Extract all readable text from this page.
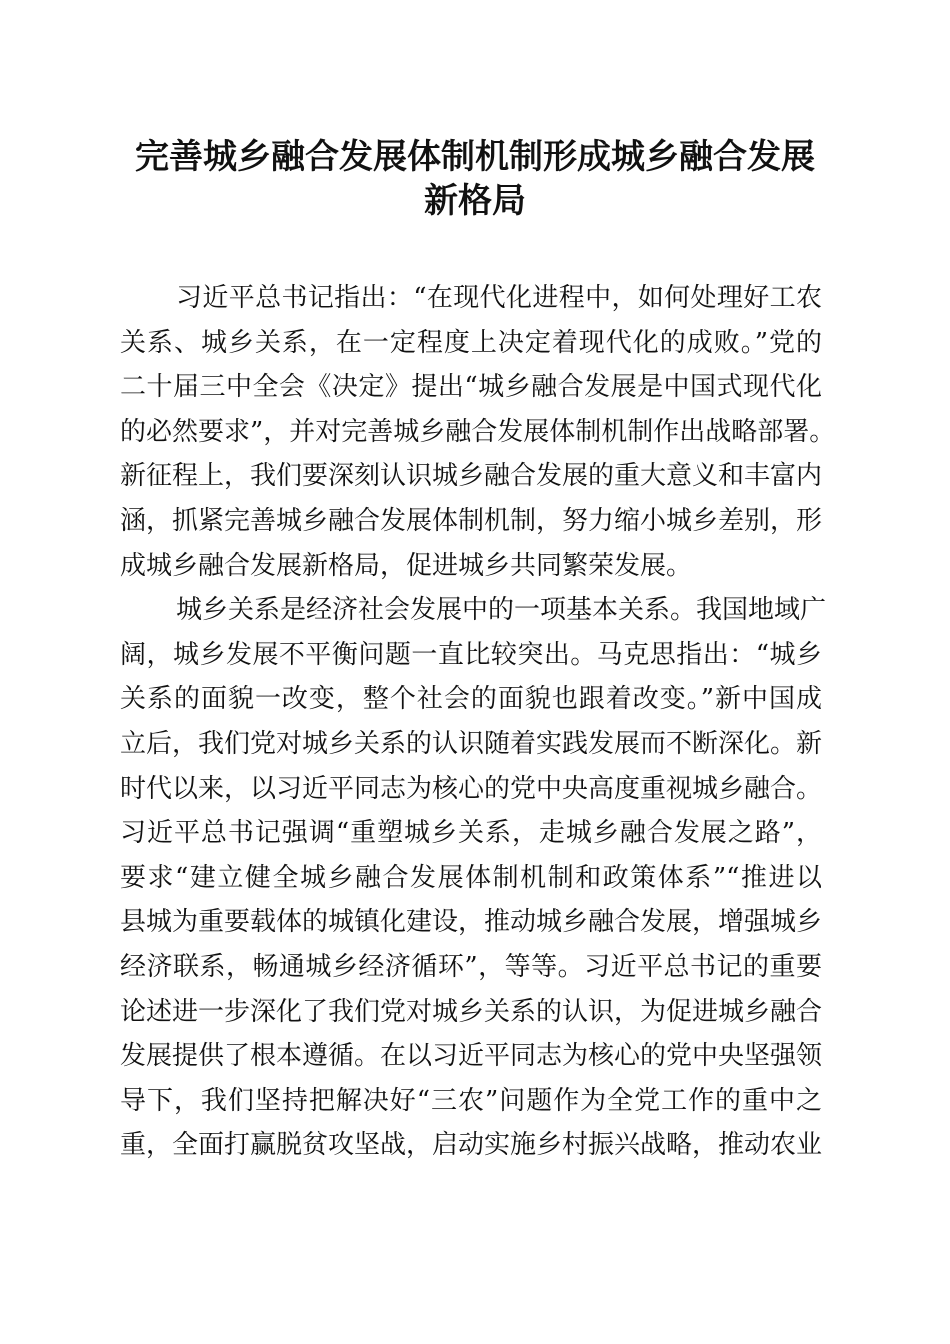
完善城乡融合发展体制机制形成城乡融合发展
新格局
习近平总书记指出：“在现代化进程中，如何处理好工农
关系、城乡关系，在一定程度上决定着现代化的成败。”党的
二十届三中全会《决定》提出“城乡融合发展是中国式现代化
的必然要求”，并对完善城乡融合发展体制机制作出战略部署。
新征程上，我们要深刻认识城乡融合发展的重大意义和丰富内
涵，抓紧完善城乡融合发展体制机制，努力缩小城乡差别，形
成城乡融合发展新格局，促进城乡共同繁荣发展。
城乡关系是经济社会发展中的一项基本关系。我国地域广
阔，城乡发展不平衡问题一直比较突出。马克思指出：“城乡
关系的面貌一改变，整个社会的面貌也跟着改变。”新中国成
立后，我们党对城乡关系的认识随着实践发展而不断深化。新
时代以来，以习近平同志为核心的党中央高度重视城乡融合。
习近平总书记强调“重塑城乡关系，走城乡融合发展之路”，
要求“建立健全城乡融合发展体制机制和政策体系”“推进以
县城为重要载体的城镇化建设，推动城乡融合发展，增强城乡
经济联系，畅通城乡经济循环”，等等。习近平总书记的重要
论述进一步深化了我们党对城乡关系的认识，为促进城乡融合
发展提供了根本遵循。在以习近平同志为核心的党中央坚强领
导下，我们坚持把解决好“三农”问题作为全党工作的重中之
重，全面打赢脱贫攻坚战，启动实施乡村振兴战略，推动农业
